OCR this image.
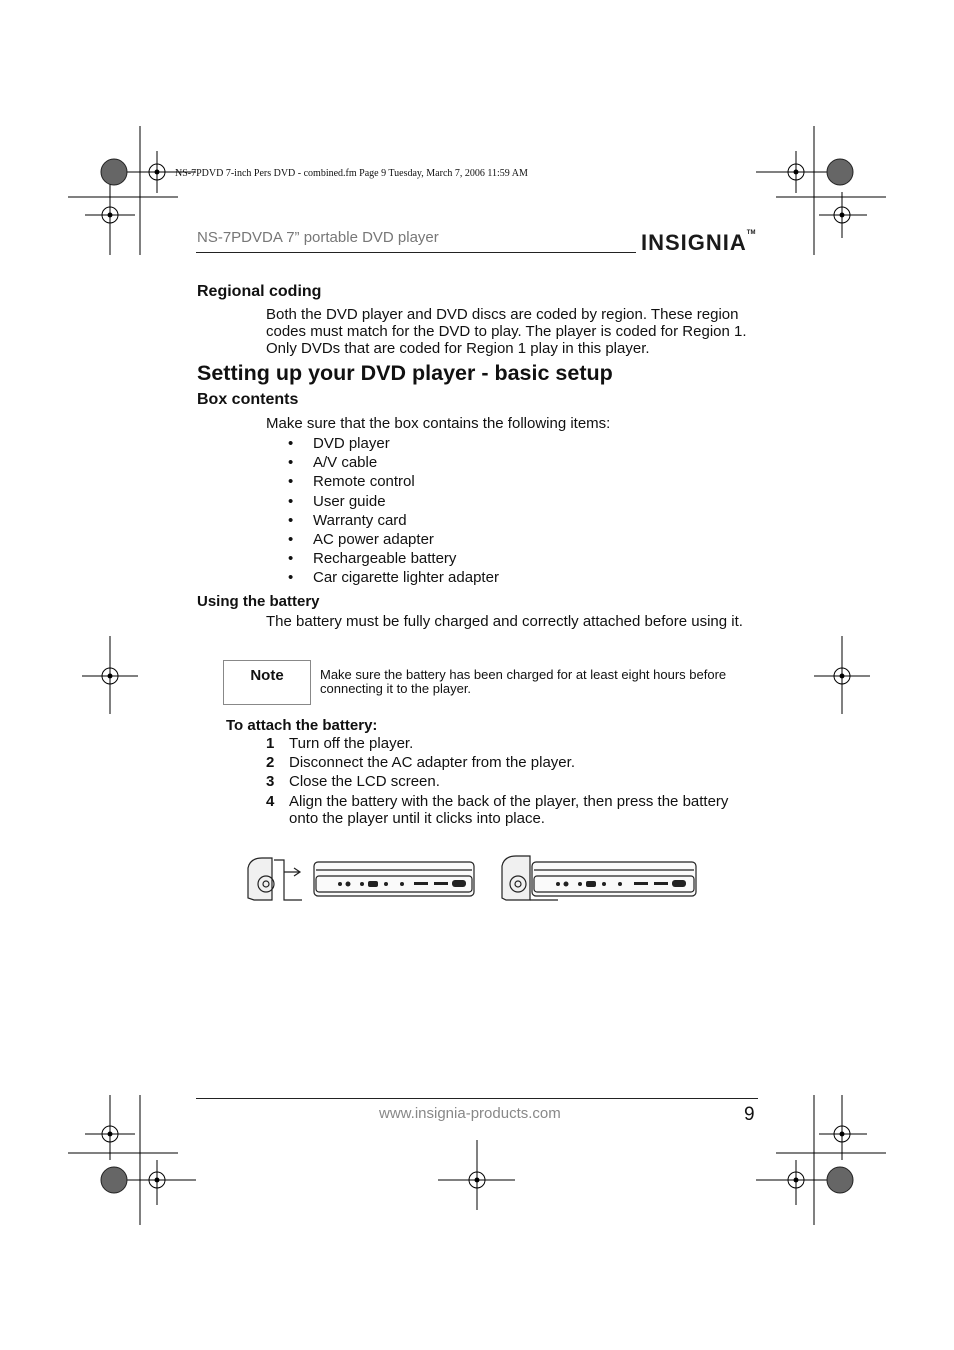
NS-7PDVD 7-inch Pers DVD - combined.fm Page 9 Tuesday, March 7, 2006 11:59 AM
NS-7PDVDA 7” portable DVD player	INSIGNIA™
Regional coding
Both the DVD player and DVD discs are coded by region. These region codes must match for the DVD to play. The player is coded for Region 1. Only DVDs that are coded for Region 1 play in this player.
Setting up your DVD player - basic setup
Box contents
Make sure that the box contains the following items:
•	DVD player
•	A/V cable
•	Remote control
•	User guide
•	Warranty card
•	AC power adapter
•	Rechargeable battery
•	Car cigarette lighter adapter
Using the battery
The battery must be fully charged and correctly attached before using it.
Note	Make sure the battery has been charged for at least eight hours before connecting it to the player.
To attach the battery:
1 Turn off the player.
2 Disconnect the AC adapter from the player.
3 Close the LCD screen.
4 Align the battery with the back of the player, then press the battery onto the player until it clicks into place.
www.insignia-products.com	9
